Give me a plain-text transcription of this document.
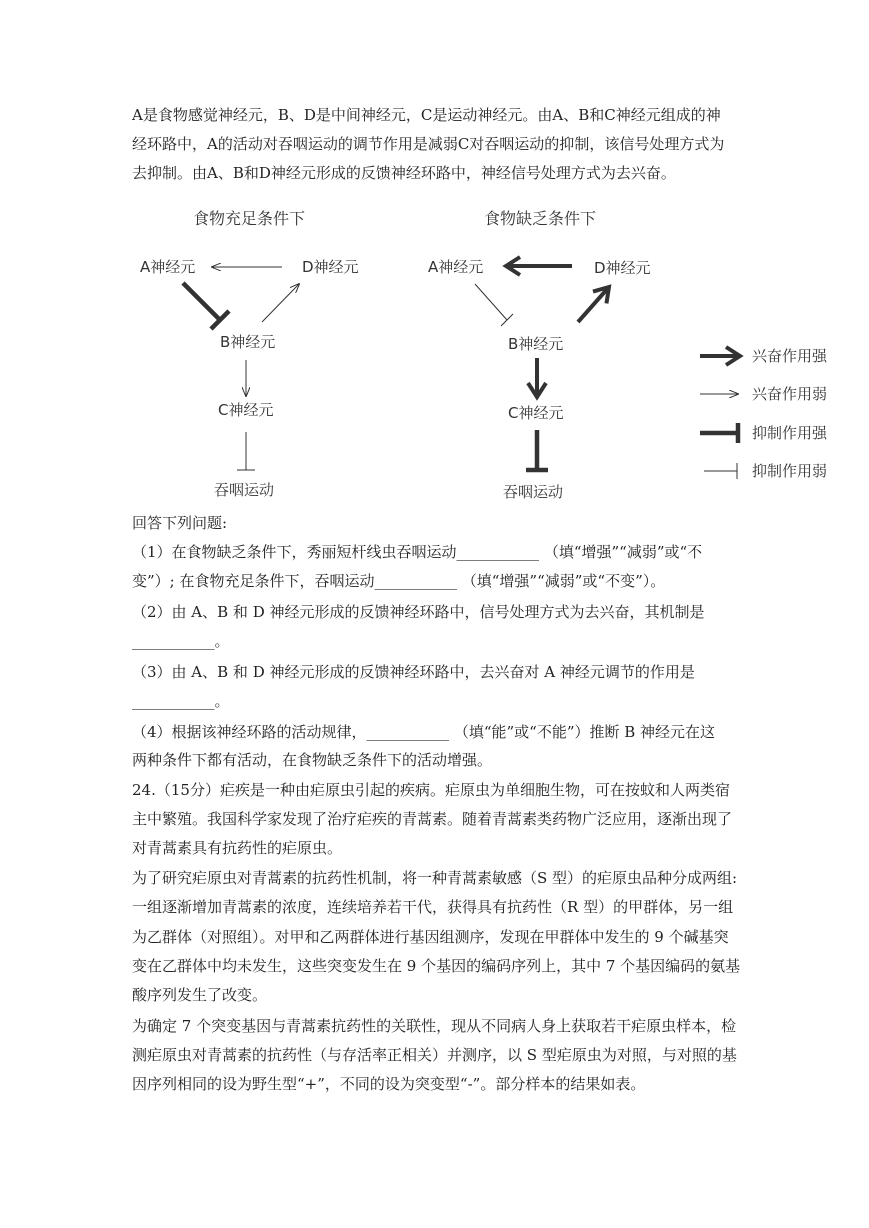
A是食物感觉神经元，B、D是中间神经元，C是运动神经元。由A、B和C神经元组成的神
经环路中，A的活动对吞咽运动的调节作用是减弱C对吞咽运动的抑制，该信号处理方式为
去抑制。由A、B和D神经元形成的反馈神经环路中，神经信号处理方式为去兴奋。
食物充足条件下
A神经元	D神经元
B神经元
C神经元
吞咽运动
食物缺乏条件下
A神经元	D神经元
B神经元
C神经元
吞咽运动
兴奋作用强
兴奋作用弱
抑制作用强
抑制作用弱
回答下列问题:
（1）在食物缺乏条件下，秀丽短杆线虫吞咽运动___________ （填“增强”“减弱”或“不
变”）; 在食物充足条件下，吞咽运动___________ （填“增强”“减弱”或“不变”）。
（2）由 A、B 和 D 神经元形成的反馈神经环路中，信号处理方式为去兴奋，其机制是
___________。
（3）由 A、B 和 D 神经元形成的反馈神经环路中，去兴奋对 A 神经元调节的作用是
___________。
（4）根据该神经环路的活动规律，___________ （填“能”或“不能”）推断 B 神经元在这
两种条件下都有活动，在食物缺乏条件下的活动增强。
24.（15分）疟疾是一种由疟原虫引起的疾病。疟原虫为单细胞生物，可在按蚊和人两类宿
主中繁殖。我国科学家发现了治疗疟疾的青蒿素。随着青蒿素类药物广泛应用，逐渐出现了
对青蒿素具有抗药性的疟原虫。
为了研究疟原虫对青蒿素的抗药性机制，将一种青蒿素敏感（S 型）的疟原虫品种分成两组:
一组逐渐增加青蒿素的浓度，连续培养若干代，获得具有抗药性（R 型）的甲群体，另一组
为乙群体（对照组）。对甲和乙两群体进行基因组测序，发现在甲群体中发生的 9 个碱基突
变在乙群体中均未发生，这些突变发生在 9 个基因的编码序列上，其中 7 个基因编码的氨基
酸序列发生了改变。
为确定 7 个突变基因与青蒿素抗药性的关联性，现从不同病人身上获取若干疟原虫样本，检
测疟原虫对青蒿素的抗药性（与存活率正相关）并测序，以 S 型疟原虫为对照，与对照的基
因序列相同的设为野生型“+”，不同的设为突变型“-”。部分样本的结果如表。
